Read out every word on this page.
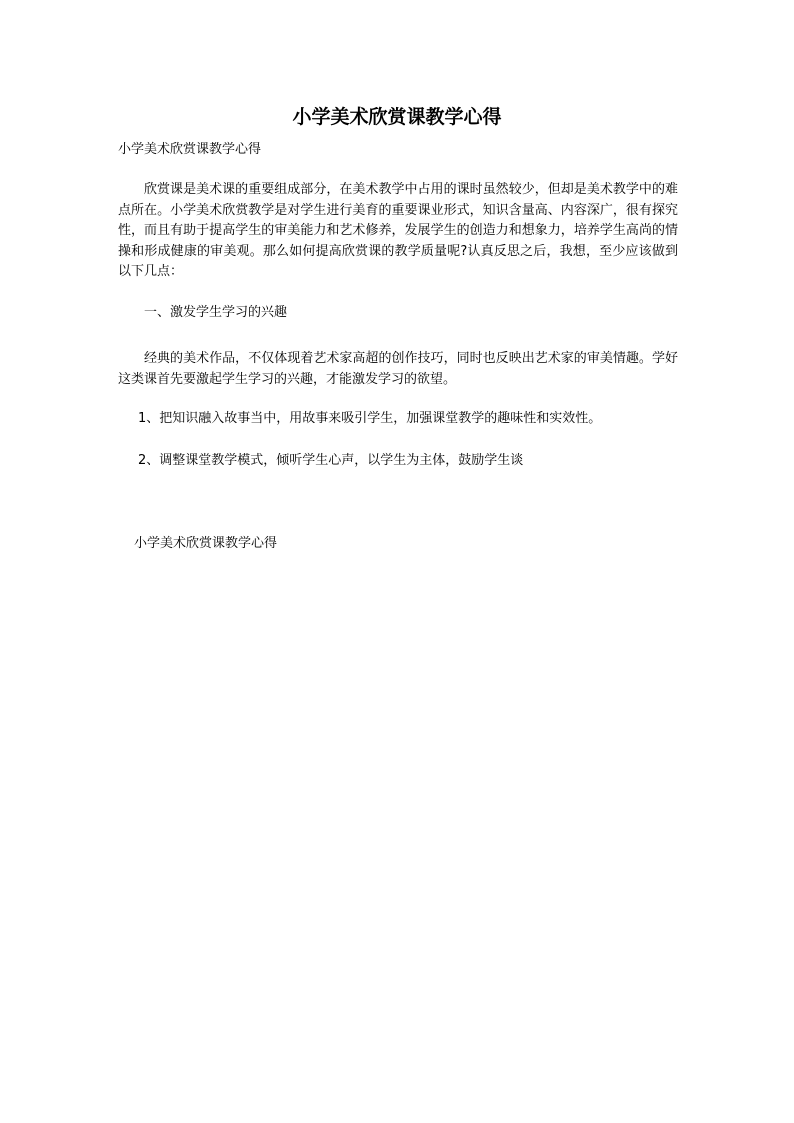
小学美术欣赏课教学心得
小学美术欣赏课教学心得
欣赏课是美术课的重要组成部分，在美术教学中占用的课时虽然较少，但却是美术教学中的难点所在。小学美术欣赏教学是对学生进行美育的重要课业形式，知识含量高、内容深广，很有探究性，而且有助于提高学生的审美能力和艺术修养，发展学生的创造力和想象力，培养学生高尚的情操和形成健康的审美观。那么如何提高欣赏课的教学质量呢?认真反思之后，我想，至少应该做到以下几点：
一、激发学生学习的兴趣
经典的美术作品，不仅体现着艺术家高超的创作技巧，同时也反映出艺术家的审美情趣。学好这类课首先要激起学生学习的兴趣，才能激发学习的欲望。
1、把知识融入故事当中，用故事来吸引学生，加强课堂教学的趣味性和实效性。
2、调整课堂教学模式，倾听学生心声，以学生为主体，鼓励学生谈
小学美术欣赏课教学心得
